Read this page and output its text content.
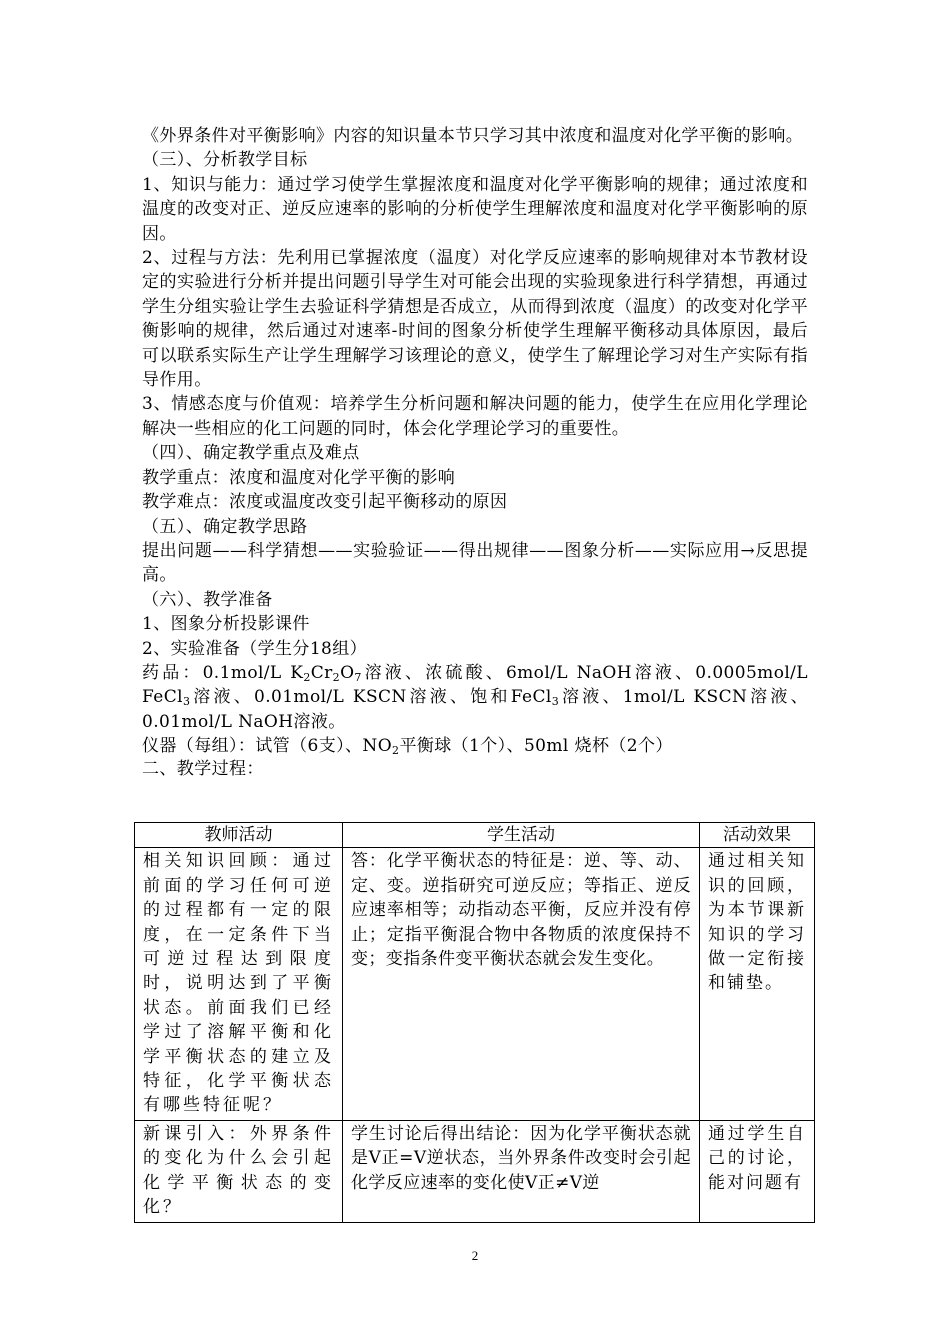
《外界条件对平衡影响》内容的知识量本节只学习其中浓度和温度对化学平衡的影响。

（三）、分析教学目标

1、知识与能力：通过学习使学生掌握浓度和温度对化学平衡影响的规律；通过浓度和温度的改变对正、逆反应速率的影响的分析使学生理解浓度和温度对化学平衡影响的原因。

2、过程与方法：先利用已掌握浓度（温度）对化学反应速率的影响规律对本节教材设定的实验进行分析并提出问题引导学生对可能会出现的实验现象进行科学猜想，再通过学生分组实验让学生去验证科学猜想是否成立，从而得到浓度（温度）的改变对化学平衡影响的规律，然后通过对速率-时间的图象分析使学生理解平衡移动具体原因，最后可以联系实际生产让学生理解学习该理论的意义，使学生了解理论学习对生产实际有指导作用。

3、情感态度与价值观：培养学生分析问题和解决问题的能力，使学生在应用化学理论解决一些相应的化工问题的同时，体会化学理论学习的重要性。

（四）、确定教学重点及难点

教学重点：浓度和温度对化学平衡的影响

教学难点：浓度或温度改变引起平衡移动的原因

（五）、确定教学思路

提出问题——科学猜想——实验验证——得出规律——图象分析——实际应用→反思提高。

（六）、教学准备

1、图象分析投影课件

2、实验准备（学生分18组）

药品：0.1mol/L $K_2Cr_2O_7$溶液、浓硫酸、6mol/L NaOH溶液、0.0005mol/L FeCl$_3$溶液、0.01mol/L KSCN溶液、饱和FeCl$_3$溶液、1mol/L KSCN溶液、0.01mol/L NaOH溶液。

仪器（每组）：试管（6支）、$NO_2$平衡球（1个）、50ml 烧杯（2个）

二、教学过程：

教师活动	学生活动	活动效果
相关知识回顾：通过前面的学习任何可逆的过程都有一定的限度，在一定条件下当可逆过程达到限度时，说明达到了平衡状态。前面我们已经学过了溶解平衡和化学平衡状态的建立及特征，化学平衡状态有哪些特征呢？	答：化学平衡状态的特征是：逆、等、动、定、变。逆指研究可逆反应；等指正、逆反应速率相等；动指动态平衡，反应并没有停止；定指平衡混合物中各物质的浓度保持不变；变指条件变平衡状态就会发生变化。	通过相关知识的回顾，为本节课新知识的学习做一定衔接和铺垫。
新课引入：外界条件的变化为什么会引起化学平衡状态的变化？	学生讨论后得出结论：因为化学平衡状态就是V正=V逆状态，当外界条件改变时会引起化学反应速率的变化使V正≠V逆	通过学生自己的讨论，能对问题有
2
